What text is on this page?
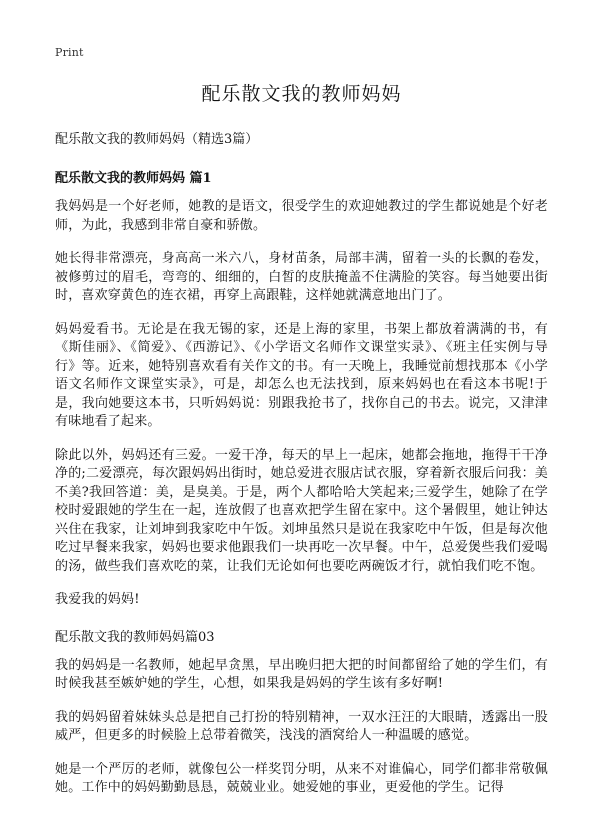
Print
配乐散文我的教师妈妈
配乐散文我的教师妈妈（精选3篇）
配乐散文我的教师妈妈 篇1

我妈妈是一个好老师，她教的是语文，很受学生的欢迎她教过的学生都说她是个好老师，为此，我感到非常自豪和骄傲。

她长得非常漂亮，身高高一米六八，身材苗条，局部丰满，留着一头的长飘的卷发，被修剪过的眉毛，弯弯的、细细的，白皙的皮肤掩盖不住满脸的笑容。每当她要出街时，喜欢穿黄色的连衣裙，再穿上高跟鞋，这样她就满意地出门了。

妈妈爱看书。无论是在我无锡的家，还是上海的家里，书架上都放着满满的书，有《斯佳丽》、《简爱》、《西游记》、《小学语文名师作文课堂实录》、《班主任实例与导行》等。近来，她特别喜欢看有关作文的书。有一天晚上，我睡觉前想找那本《小学语文名师作文课堂实录》，可是，却怎么也无法找到，原来妈妈也在看这本书呢!于是，我向她要这本书，只听妈妈说：别跟我抢书了，找你自己的书去。说完，又津津有味地看了起来。

除此以外，妈妈还有三爱。一爱干净，每天的早上一起床，她都会拖地，拖得干干净净的;二爱漂亮，每次跟妈妈出街时，她总爱进衣服店试衣服，穿着新衣服后问我：美不美?我回答道：美，是臭美。于是，两个人都哈哈大笑起来;三爱学生，她除了在学校时爱跟她的学生在一起，连放假了也喜欢把学生留在家中。这个暑假里，她让钟达兴住在我家，让刘坤到我家吃中午饭。刘坤虽然只是说在我家吃中午饭，但是每次他吃过早餐来我家，妈妈也要求他跟我们一块再吃一次早餐。中午，总爱煲些我们爱喝的汤，做些我们喜欢吃的菜，让我们无论如何也要吃两碗饭才行，就怕我们吃不饱。

我爱我的妈妈!

配乐散文我的教师妈妈篇03

我的妈妈是一名教师，她起早贪黑，早出晚归把大把的时间都留给了她的学生们，有时候我甚至嫉妒她的学生，心想，如果我是妈妈的学生该有多好啊!

我的妈妈留着妹妹头总是把自己打扮的特别精神，一双水汪汪的大眼睛，透露出一股威严，但更多的时候脸上总带着微笑，浅浅的酒窝给人一种温暖的感觉。

她是一个严厉的老师，就像包公一样奖罚分明，从来不对谁偏心，同学们都非常敬佩她。工作中的妈妈勤勤恳恳，兢兢业业。她爱她的事业，更爱他的学生。记得
